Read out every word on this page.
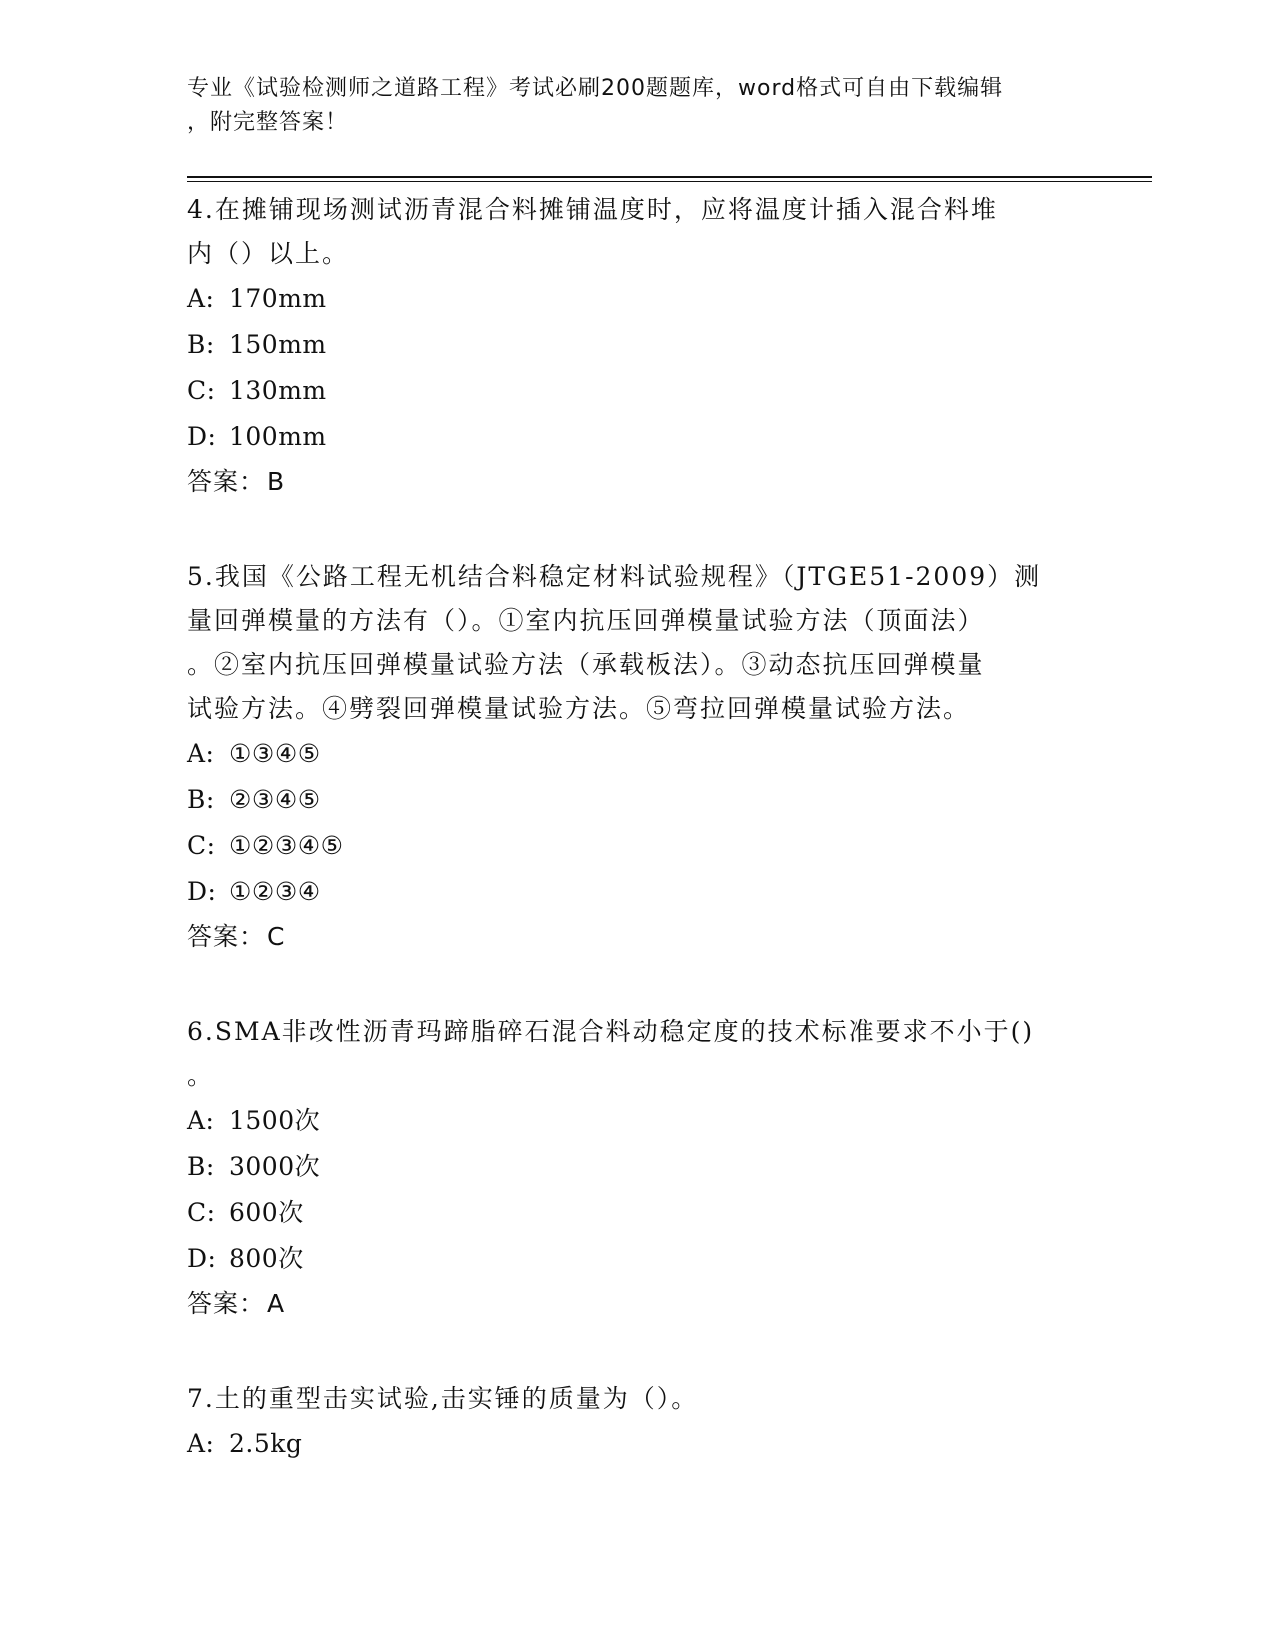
专业《试验检测师之道路工程》考试必刷200题题库，word格式可自由下载编辑
，附完整答案！
4.在摊铺现场测试沥青混合料摊铺温度时，应将温度计插入混合料堆
内（）以上。
A: 170mm
B: 150mm
C: 130mm
D: 100mm
答案：B
5.我国《公路工程无机结合料稳定材料试验规程》（JTGE51-2009）测
量回弹模量的方法有（）。①室内抗压回弹模量试验方法（顶面法）
。②室内抗压回弹模量试验方法（承载板法）。③动态抗压回弹模量
试验方法。④劈裂回弹模量试验方法。⑤弯拉回弹模量试验方法。
A: ①③④⑤
B: ②③④⑤
C: ①②③④⑤
D: ①②③④
答案：C
6.SMA非改性沥青玛蹄脂碎石混合料动稳定度的技术标准要求不小于()
。
A: 1500次
B: 3000次
C: 600次
D: 800次
答案：A
7.土的重型击实试验,击实锤的质量为（）。
A: 2.5kg
